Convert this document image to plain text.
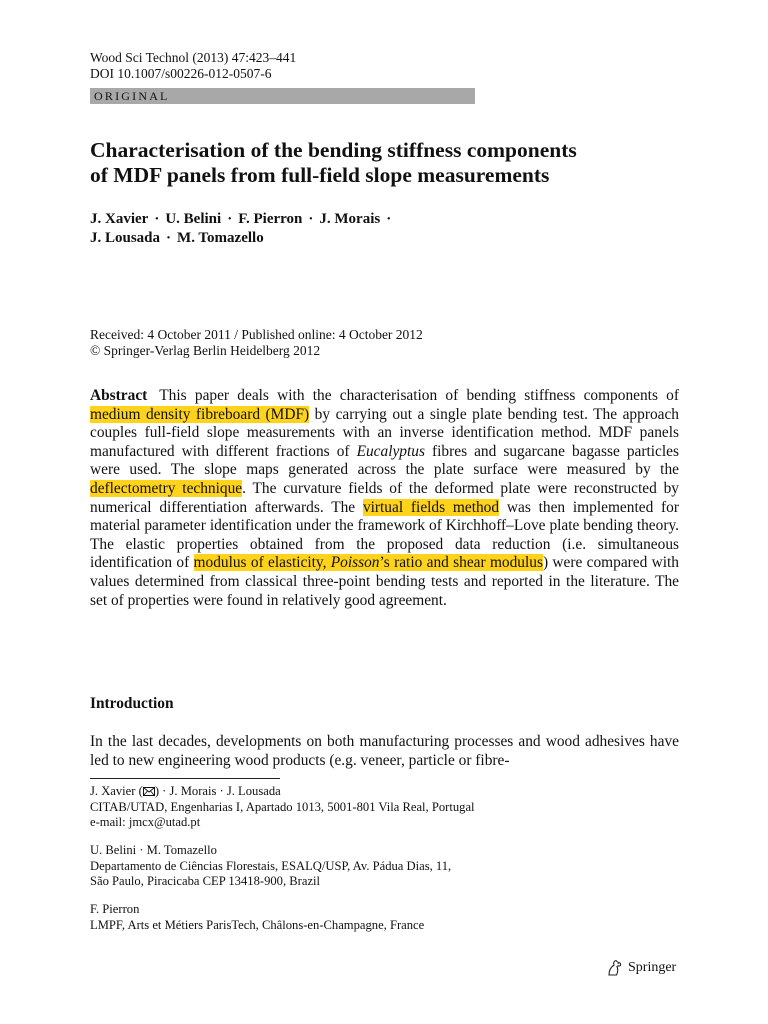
Wood Sci Technol (2013) 47:423–441
DOI 10.1007/s00226-012-0507-6
ORIGINAL
Characterisation of the bending stiffness components
of MDF panels from full-field slope measurements
J. Xavier · U. Belini · F. Pierron · J. Morais ·
J. Lousada · M. Tomazello
Received: 4 October 2011 / Published online: 4 October 2012
© Springer-Verlag Berlin Heidelberg 2012
Abstract This paper deals with the characterisation of bending stiffness components of medium density fibreboard (MDF) by carrying out a single plate bending test. The approach couples full-field slope measurements with an inverse identification method. MDF panels manufactured with different fractions of Eucalyptus fibres and sugarcane bagasse particles were used. The slope maps generated across the plate surface were measured by the deflectometry technique. The curvature fields of the deformed plate were reconstructed by numerical differentiation afterwards. The virtual fields method was then implemented for material parameter identification under the framework of Kirchhoff–Love plate bending theory. The elastic properties obtained from the proposed data reduction (i.e. simultaneous identification of modulus of elasticity, Poisson’s ratio and shear modulus) were compared with values determined from classical three-point bending tests and reported in the literature. The set of properties were found in relatively good agreement.
Introduction
In the last decades, developments on both manufacturing processes and wood adhesives have led to new engineering wood products (e.g. veneer, particle or fibre-
J. Xavier ( ) · J. Morais · J. Lousada
CITAB/UTAD, Engenharias I, Apartado 1013, 5001-801 Vila Real, Portugal
e-mail: jmcx@utad.pt
U. Belini · M. Tomazello
Departamento de Ciências Florestais, ESALQ/USP, Av. Pádua Dias, 11,
São Paulo, Piracicaba CEP 13418-900, Brazil
F. Pierron
LMPF, Arts et Métiers ParisTech, Châlons-en-Champagne, France
Springer
